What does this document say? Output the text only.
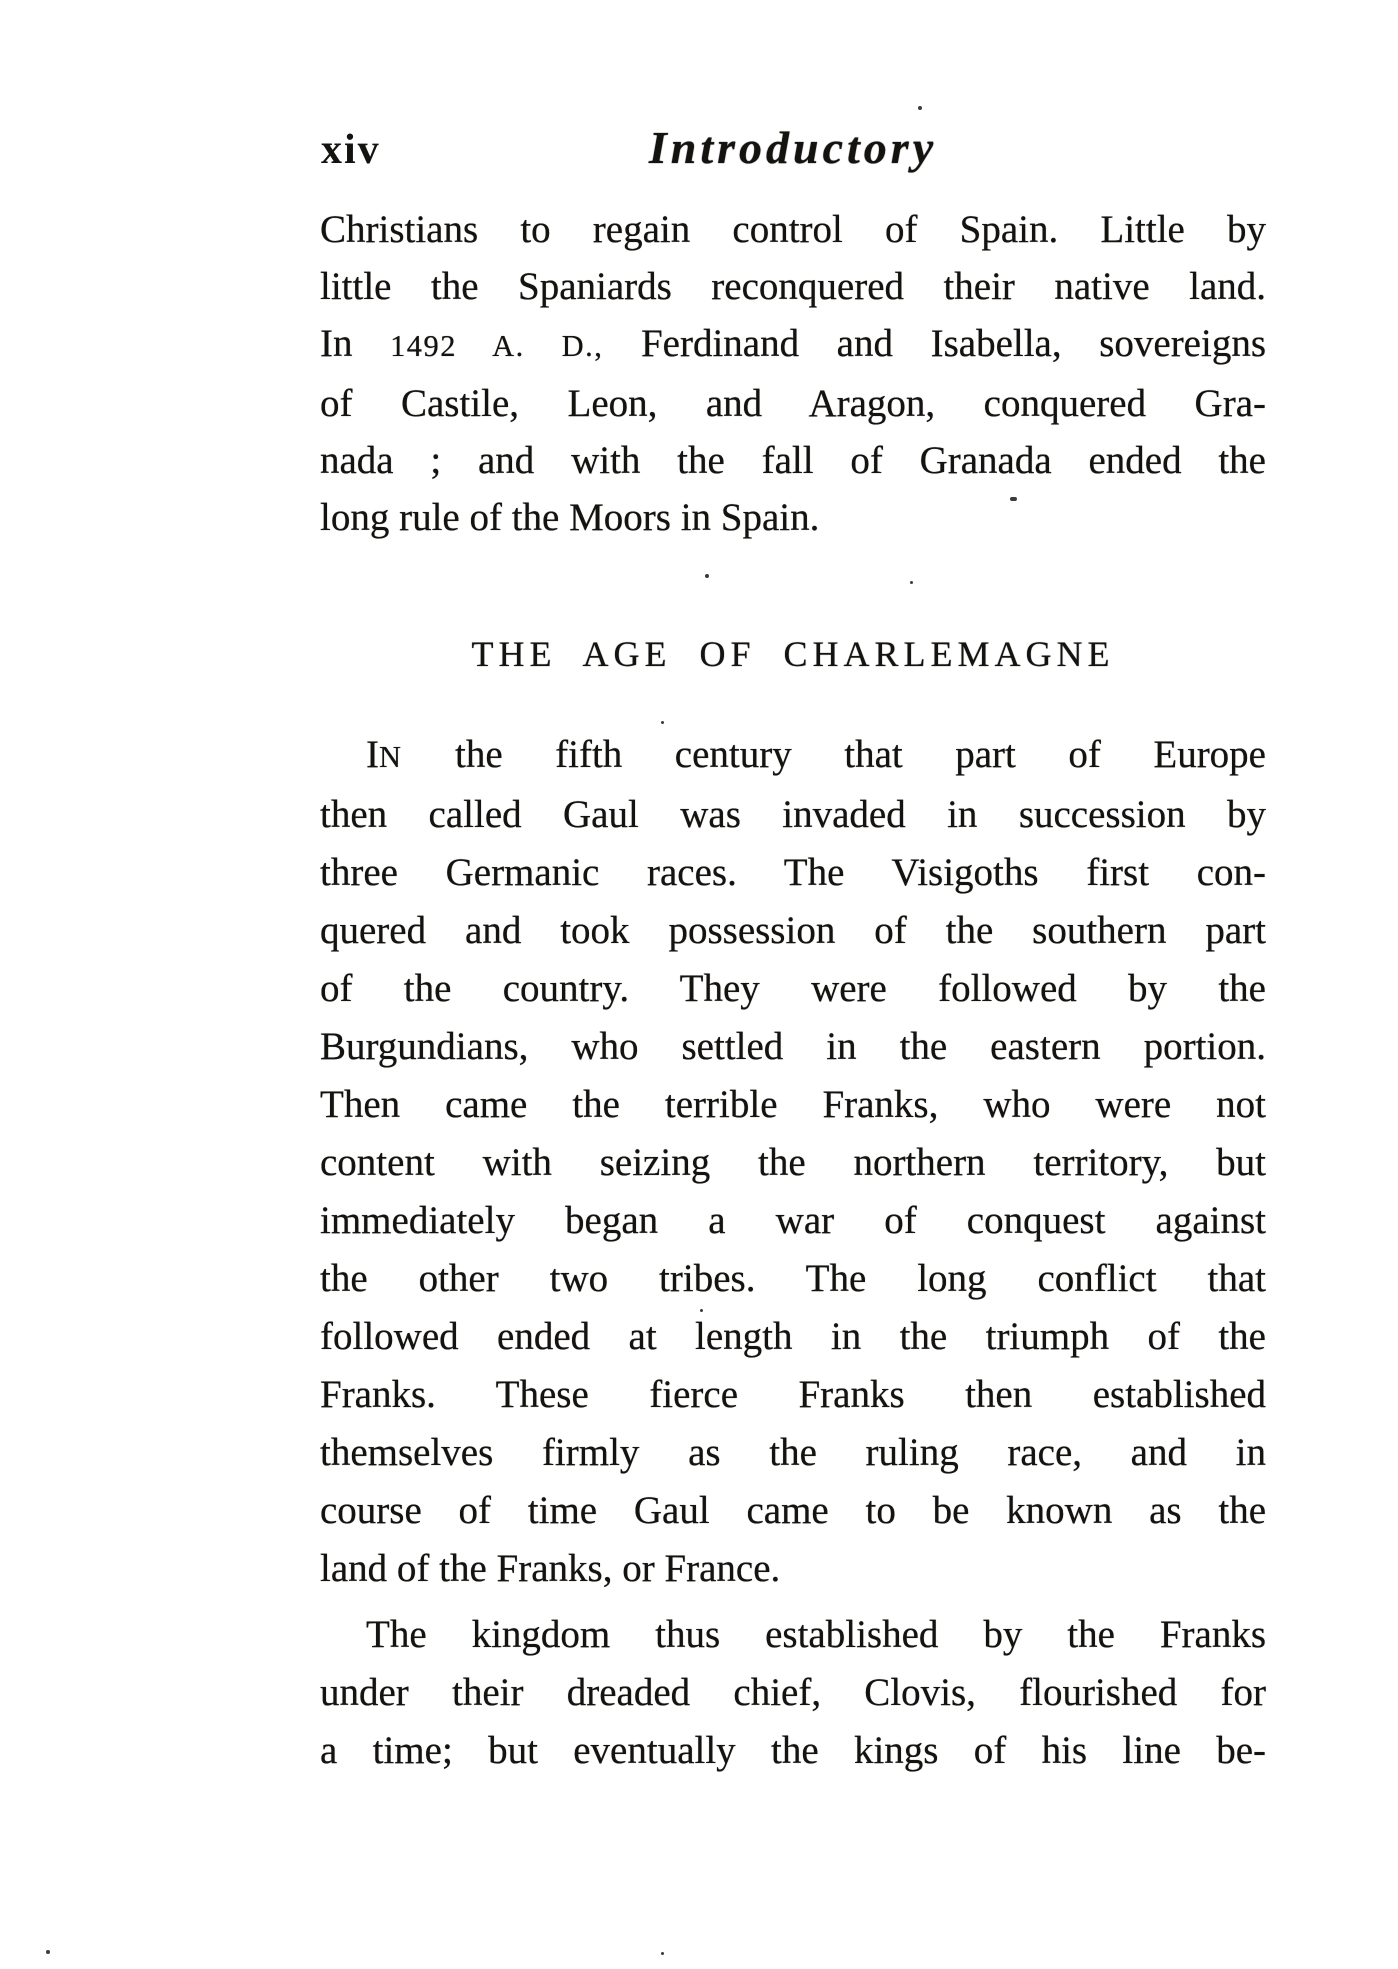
xiv	Introductory
Christians to regain control of Spain. Little by
little the Spaniards reconquered their native land.
In 1492 A. D., Ferdinand and Isabella, sovereigns
of Castile, Leon, and Aragon, conquered Gra-
nada ; and with the fall of Granada ended the
long rule of the Moors in Spain.
THE AGE OF CHARLEMAGNE
IN the fifth century that part of Europe
then called Gaul was invaded in succession by
three Germanic races. The Visigoths first con-
quered and took possession of the southern part
of the country. They were followed by the
Burgundians, who settled in the eastern portion.
Then came the terrible Franks, who were not
content with seizing the northern territory, but
immediately began a war of conquest against
the other two tribes. The long conflict that
followed ended at length in the triumph of the
Franks. These fierce Franks then established
themselves firmly as the ruling race, and in
course of time Gaul came to be known as the
land of the Franks, or France.
The kingdom thus established by the Franks
under their dreaded chief, Clovis, flourished for
a time; but eventually the kings of his line be-
